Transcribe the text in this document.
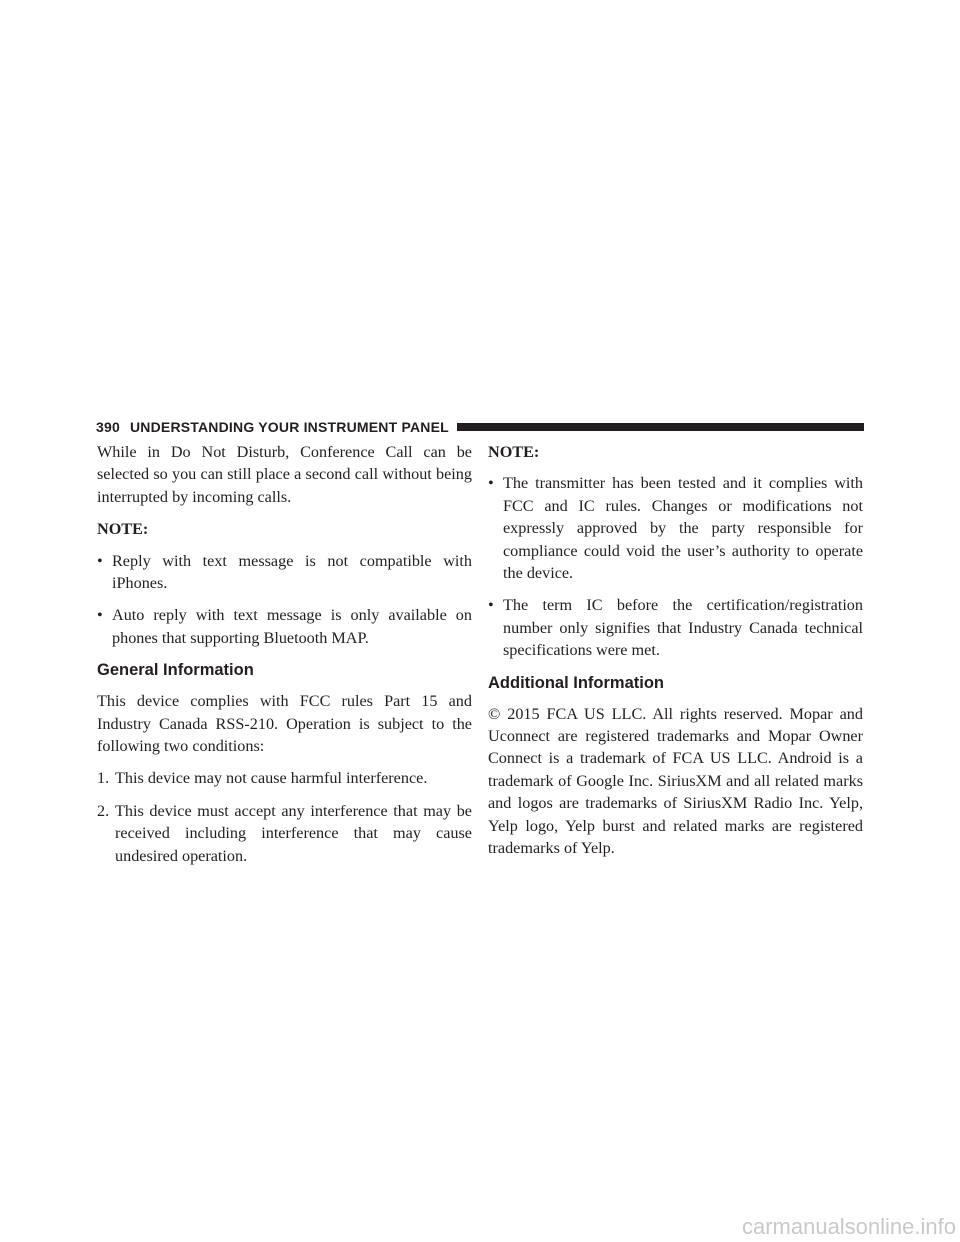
390 UNDERSTANDING YOUR INSTRUMENT PANEL

While in Do Not Disturb, Conference Call can be selected so you can still place a second call without being interrupted by incoming calls.

NOTE:
• Reply with text message is not compatible with iPhones.
• Auto reply with text message is only available on phones that supporting Bluetooth MAP.
General Information

This device complies with FCC rules Part 15 and Industry Canada RSS-210. Operation is subject to the following two conditions:

1. This device may not cause harmful interference.
2. This device must accept any interference that may be received including interference that may cause undesired operation.
NOTE:
• The transmitter has been tested and it complies with FCC and IC rules. Changes or modifications not expressly approved by the party responsible for compliance could void the user’s authority to operate the device.
• The term IC before the certification/registration number only signifies that Industry Canada technical specifications were met.
Additional Information

© 2015 FCA US LLC. All rights reserved. Mopar and Uconnect are registered trademarks and Mopar Owner Connect is a trademark of FCA US LLC. Android is a trademark of Google Inc. SiriusXM and all related marks and logos are trademarks of SiriusXM Radio Inc. Yelp, Yelp logo, Yelp burst and related marks are registered trademarks of Yelp.

carmanualsonline.info
